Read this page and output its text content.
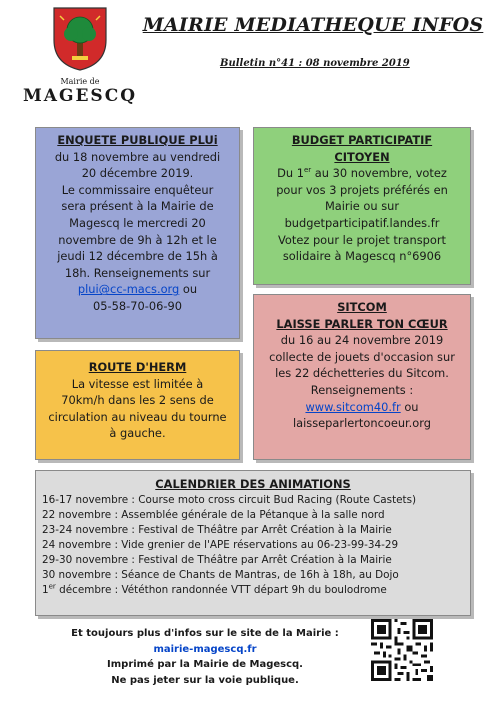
Mairie de
MAGESCQ
MAIRIE MEDIATHEQUE INFOS
Bulletin n°41 : 08 novembre 2019
ENQUETE PUBLIQUE PLUi
du 18 novembre au vendredi
20 décembre 2019.
Le commissaire enquêteur
sera présent à la Mairie de
Magescq le mercredi 20
novembre de 9h à 12h et le
jeudi 12 décembre de 15h à
18h. Renseignements sur
plui@cc-macs.org ou
05-58-70-06-90
BUDGET PARTICIPATIF
CITOYEN
Du 1er au 30 novembre, votez
pour vos 3 projets préférés en
Mairie ou sur
budgetparticipatif.landes.fr
Votez pour le projet transport
solidaire à Magescq n°6906
SITCOM
LAISSE PARLER TON CŒUR
du 16 au 24 novembre 2019
collecte de jouets d'occasion sur
les 22 déchetteries du Sitcom.
Renseignements :
www.sitcom40.fr ou
laisseparlertoncoeur.org
ROUTE D'HERM
La vitesse est limitée à
70km/h dans les 2 sens de
circulation au niveau du tourne
à gauche.
CALENDRIER DES ANIMATIONS
16-17 novembre : Course moto cross circuit Bud Racing (Route Castets)
22 novembre : Assemblée générale de la Pétanque à la salle nord
23-24 novembre : Festival de Théâtre par Arrêt Création à la Mairie
24 novembre : Vide grenier de l'APE réservations au 06-23-99-34-29
29-30 novembre : Festival de Théâtre par Arrêt Création à la Mairie
30 novembre : Séance de Chants de Mantras, de 16h à 18h, au Dojo
1er décembre : Vététhon randonnée VTT départ 9h du boulodrome
Et toujours plus d'infos sur le site de la Mairie :
mairie-magescq.fr
Imprimé par la Mairie de Magescq.
Ne pas jeter sur la voie publique.
